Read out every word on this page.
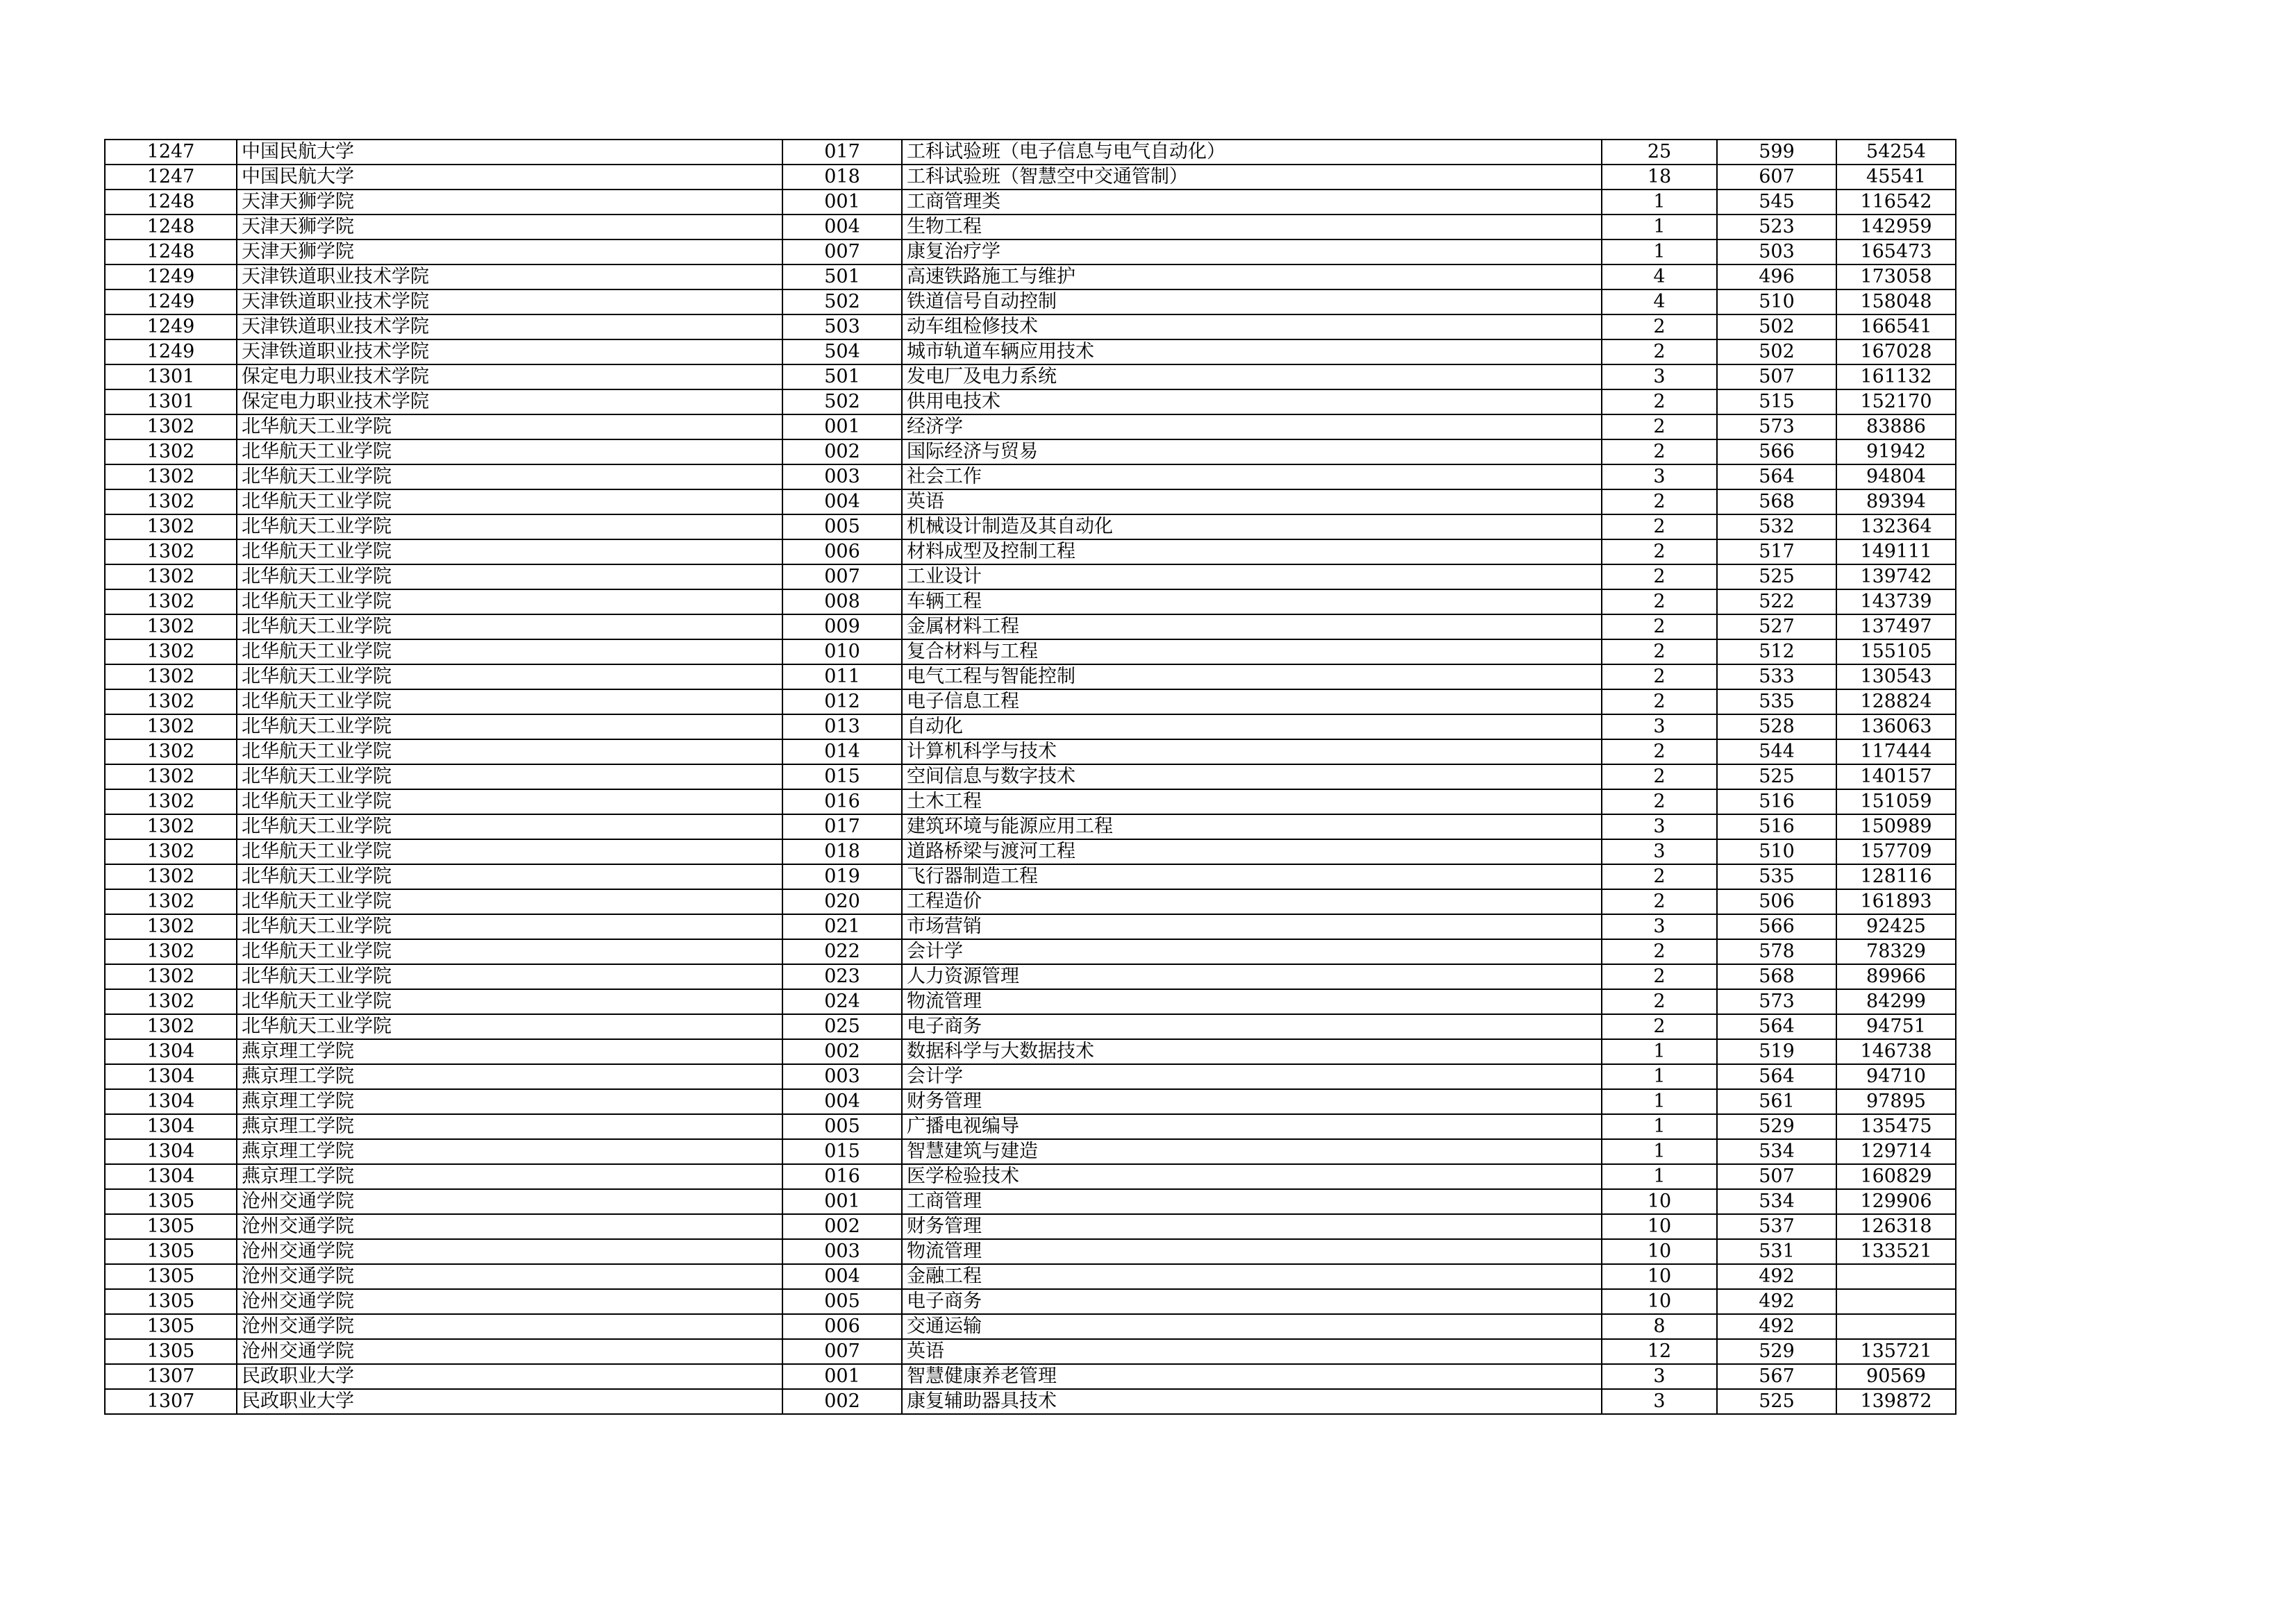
1247	中国民航大学	017	工科试验班（电子信息与电气自动化）	25	599	54254
1247	中国民航大学	018	工科试验班（智慧空中交通管制）	18	607	45541
1248	天津天狮学院	001	工商管理类	1	545	116542
1248	天津天狮学院	004	生物工程	1	523	142959
1248	天津天狮学院	007	康复治疗学	1	503	165473
1249	天津铁道职业技术学院	501	高速铁路施工与维护	4	496	173058
1249	天津铁道职业技术学院	502	铁道信号自动控制	4	510	158048
1249	天津铁道职业技术学院	503	动车组检修技术	2	502	166541
1249	天津铁道职业技术学院	504	城市轨道车辆应用技术	2	502	167028
1301	保定电力职业技术学院	501	发电厂及电力系统	3	507	161132
1301	保定电力职业技术学院	502	供用电技术	2	515	152170
1302	北华航天工业学院	001	经济学	2	573	83886
1302	北华航天工业学院	002	国际经济与贸易	2	566	91942
1302	北华航天工业学院	003	社会工作	3	564	94804
1302	北华航天工业学院	004	英语	2	568	89394
1302	北华航天工业学院	005	机械设计制造及其自动化	2	532	132364
1302	北华航天工业学院	006	材料成型及控制工程	2	517	149111
1302	北华航天工业学院	007	工业设计	2	525	139742
1302	北华航天工业学院	008	车辆工程	2	522	143739
1302	北华航天工业学院	009	金属材料工程	2	527	137497
1302	北华航天工业学院	010	复合材料与工程	2	512	155105
1302	北华航天工业学院	011	电气工程与智能控制	2	533	130543
1302	北华航天工业学院	012	电子信息工程	2	535	128824
1302	北华航天工业学院	013	自动化	3	528	136063
1302	北华航天工业学院	014	计算机科学与技术	2	544	117444
1302	北华航天工业学院	015	空间信息与数字技术	2	525	140157
1302	北华航天工业学院	016	土木工程	2	516	151059
1302	北华航天工业学院	017	建筑环境与能源应用工程	3	516	150989
1302	北华航天工业学院	018	道路桥梁与渡河工程	3	510	157709
1302	北华航天工业学院	019	飞行器制造工程	2	535	128116
1302	北华航天工业学院	020	工程造价	2	506	161893
1302	北华航天工业学院	021	市场营销	3	566	92425
1302	北华航天工业学院	022	会计学	2	578	78329
1302	北华航天工业学院	023	人力资源管理	2	568	89966
1302	北华航天工业学院	024	物流管理	2	573	84299
1302	北华航天工业学院	025	电子商务	2	564	94751
1304	燕京理工学院	002	数据科学与大数据技术	1	519	146738
1304	燕京理工学院	003	会计学	1	564	94710
1304	燕京理工学院	004	财务管理	1	561	97895
1304	燕京理工学院	005	广播电视编导	1	529	135475
1304	燕京理工学院	015	智慧建筑与建造	1	534	129714
1304	燕京理工学院	016	医学检验技术	1	507	160829
1305	沧州交通学院	001	工商管理	10	534	129906
1305	沧州交通学院	002	财务管理	10	537	126318
1305	沧州交通学院	003	物流管理	10	531	133521
1305	沧州交通学院	004	金融工程	10	492	
1305	沧州交通学院	005	电子商务	10	492	
1305	沧州交通学院	006	交通运输	8	492	
1305	沧州交通学院	007	英语	12	529	135721
1307	民政职业大学	001	智慧健康养老管理	3	567	90569
1307	民政职业大学	002	康复辅助器具技术	3	525	139872
